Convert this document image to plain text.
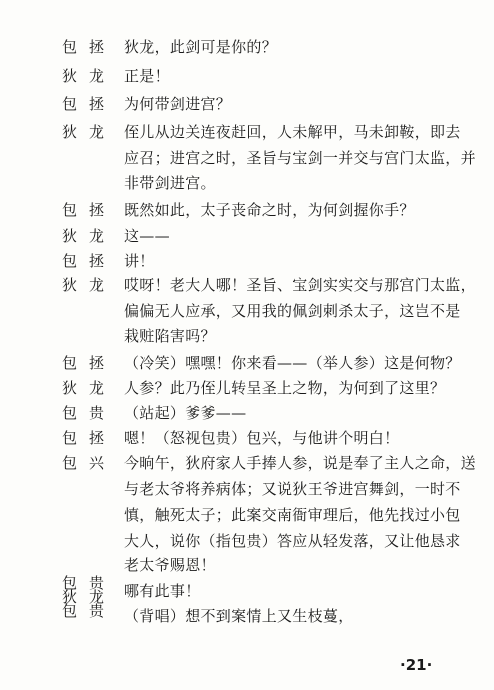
包拯 狄龙，此剑可是你的？
狄龙 正是！
包拯 为何带剑进宫？
狄龙 侄儿从边关连夜赶回，人未解甲，马未卸鞍，即去
应召；进宫之时，圣旨与宝剑一并交与宫门太监，并
非带剑进宫。
包拯 既然如此，太子丧命之时，为何剑握你手？
狄龙 这——
包拯 讲！
狄龙 哎呀！老大人哪！圣旨、宝剑实实交与那宫门太监，
偏偏无人应承，又用我的佩剑刺杀太子，这岂不是
栽赃陷害吗？
包拯 （冷笑）嘿嘿！你来看——（举人参）这是何物？
狄龙 人参？此乃侄儿转呈圣上之物，为何到了这里？
包贵 （站起）爹爹——
包拯 嗯！（怒视包贵）包兴，与他讲个明白！
包兴 今晌午，狄府家人手捧人参，说是奉了主人之命，送
与老太爷将养病体；又说狄王爷进宫舞剑，一时不
慎，触死太子；此案交南衙审理后，他先找过小包
大人，说你（指包贵）答应从轻发落，又让他恳求
老太爷赐恩！
包贵
狄龙
包贵
哪有此事！
（背唱）想不到案情上又生枝蔓，
·21·
